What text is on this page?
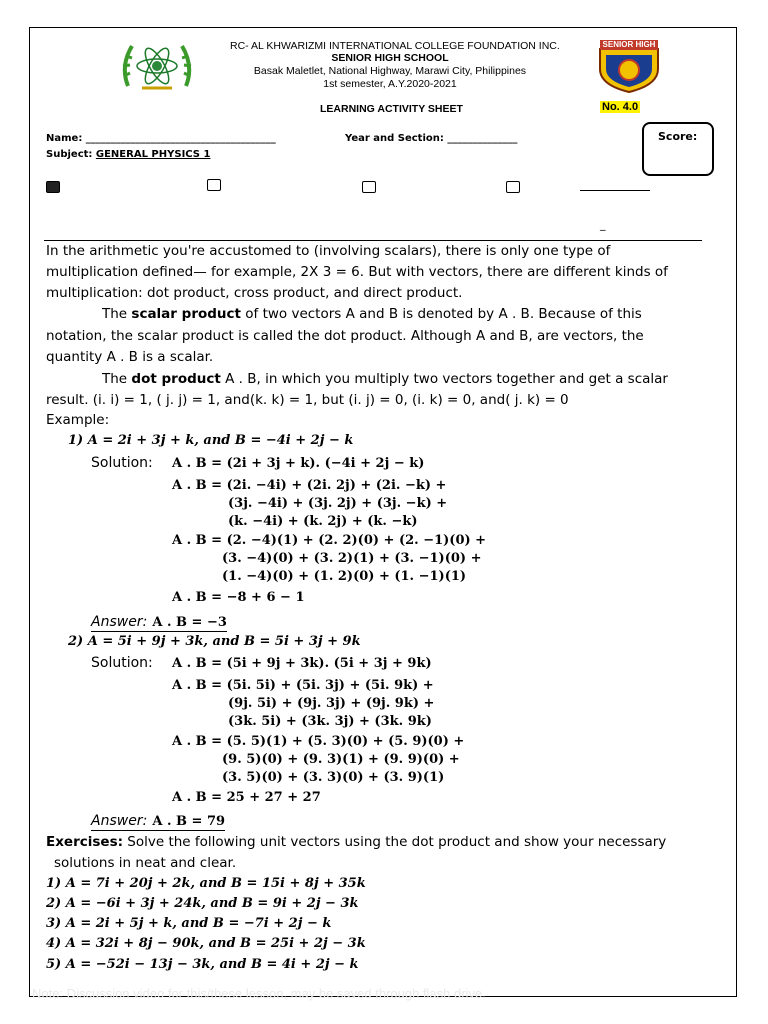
SENIOR HIGH
RC- AL KHWARIZMI INTERNATIONAL COLLEGE FOUNDATION INC.
SENIOR HIGH SCHOOL
Basak Maletlet, National Highway, Marawi City, Philippines
1st semester, A.Y.2020-2021
LEARNING ACTIVITY SHEET	No. 4.0
Name: ______________________________________	Year and Section: ______________
Subject: GENERAL PHYSICS 1
Score:
_
In the arithmetic you're accustomed to (involving scalars), there is only one type of
multiplication defined— for example, 2X 3 = 6. But with vectors, there are different kinds of
multiplication: dot product, cross product, and direct product.
The scalar product of two vectors A and B is denoted by A . B. Because of this
notation, the scalar product is called the dot product. Although A and B, are vectors, the
quantity A . B is a scalar.
The dot product A . B, in which you multiply two vectors together and get a scalar
result. (i. i) = 1, ( j. j) = 1, and(k. k) = 1, but (i. j) = 0, (i. k) = 0, and( j. k) = 0
Example:
1) A = 2i + 3j + k, and B = −4i + 2j − k
Solution: A . B = (2i + 3j + k). (−4i + 2j − k)
A . B = (2i. −4i) + (2i. 2j) + (2i. −k) +
(3j. −4i) + (3j. 2j) + (3j. −k) +
(k. −4i) + (k. 2j) + (k. −k)
A . B = (2. −4)(1) + (2. 2)(0) + (2. −1)(0) +
(3. −4)(0) + (3. 2)(1) + (3. −1)(0) +
(1. −4)(0) + (1. 2)(0) + (1. −1)(1)
A . B = −8 + 6 − 1
Answer: A . B = −3
2) A = 5i + 9j + 3k, and B = 5i + 3j + 9k
Solution: A . B = (5i + 9j + 3k). (5i + 3j + 9k)
A . B = (5i. 5i) + (5i. 3j) + (5i. 9k) +
(9j. 5i) + (9j. 3j) + (9j. 9k) +
(3k. 5i) + (3k. 3j) + (3k. 9k)
A . B = (5. 5)(1) + (5. 3)(0) + (5. 9)(0) +
(9. 5)(0) + (9. 3)(1) + (9. 9)(0) +
(3. 5)(0) + (3. 3)(0) + (3. 9)(1)
A . B = 25 + 27 + 27
Answer: A . B = 79
Exercises: Solve the following unit vectors using the dot product and show your necessary
solutions in neat and clear.
1) A = 7i + 20j + 2k, and B = 15i + 8j + 35k
2) A = −6i + 3j + 24k, and B = 9i + 2j − 3k
3) A = 2i + 5j + k, and B = −7i + 2j − k
4) A = 32i + 8j − 90k, and B = 25i + 2j − 3k
5) A = −52i − 13j − 3k, and B = 4i + 2j − k
Note: Discussion video for this/these lesson, may be saved through flash drive.
